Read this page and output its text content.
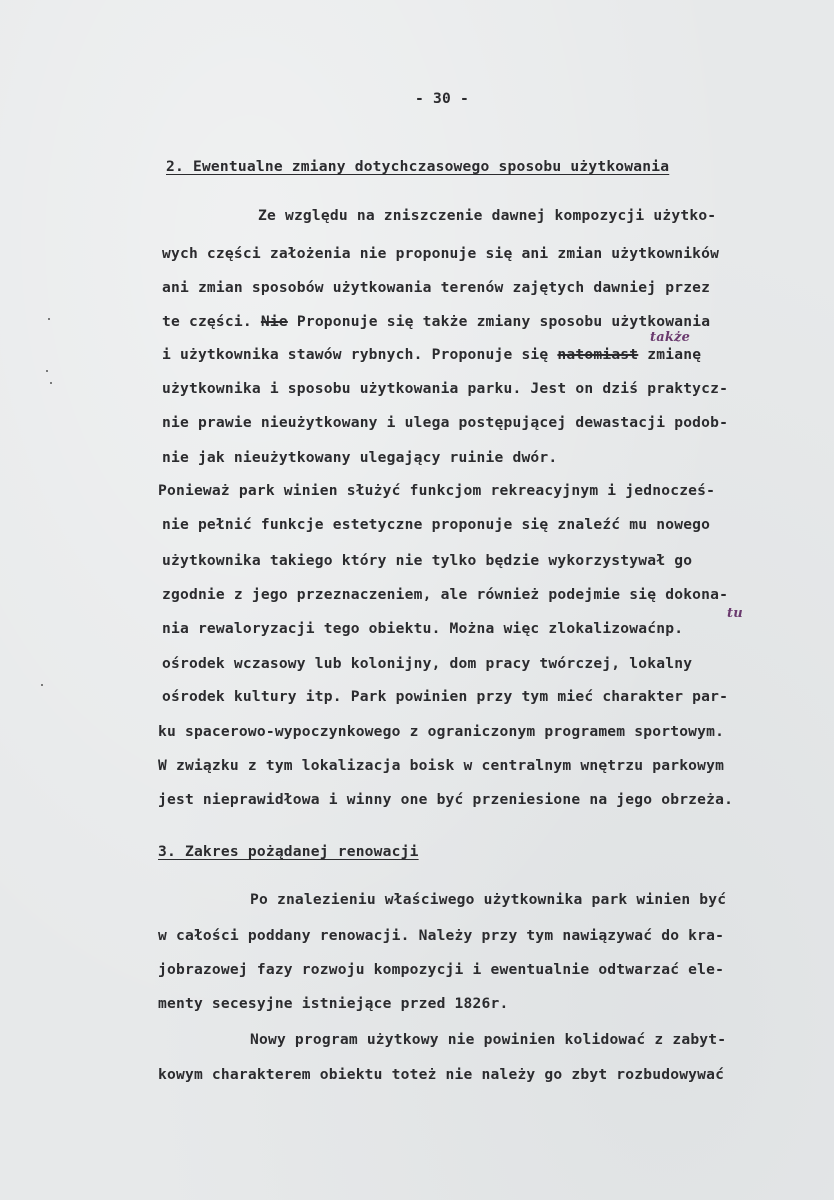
- 30 -
2. Ewentualne zmiany dotychczasowego sposobu użytkowania
Ze względu na zniszczenie dawnej kompozycji użytko-
wych części założenia nie proponuje się ani zmian użytkowników
ani zmian sposobów użytkowania terenów zajętych dawniej przez
te części. Nie Proponuje się także zmiany sposobu użytkowania
i użytkownika stawów rybnych. Proponuje się natomiast zmianę
także
użytkownika i sposobu użytkowania parku. Jest on dziś praktycz-
nie prawie nieużytkowany i ulega postępującej dewastacji podob-
nie jak nieużytkowany ulegający ruinie dwór.
Ponieważ park winien służyć funkcjom rekreacyjnym i jednocześ-
nie pełnić funkcje estetyczne proponuje się znaleźć mu nowego
użytkownika takiego który nie tylko będzie wykorzystywał go
zgodnie z jego przeznaczeniem, ale również podejmie się dokona-
nia rewaloryzacji tego obiektu. Można więc zlokalizowaćnp.
tu
ośrodek wczasowy lub kolonijny, dom pracy twórczej, lokalny
ośrodek kultury itp. Park powinien przy tym mieć charakter par-
ku spacerowo-wypoczynkowego z ograniczonym programem sportowym.
W związku z tym lokalizacja boisk w centralnym wnętrzu parkowym
jest nieprawidłowa i winny one być przeniesione na jego obrzeża.
3. Zakres pożądanej renowacji
Po znalezieniu właściwego użytkownika park winien być
w całości poddany renowacji. Należy przy tym nawiązywać do kra-
jobrazowej fazy rozwoju kompozycji i ewentualnie odtwarzać ele-
menty secesyjne istniejące przed 1826r.
Nowy program użytkowy nie powinien kolidować z zabyt-
kowym charakterem obiektu toteż nie należy go zbyt rozbudowywać
